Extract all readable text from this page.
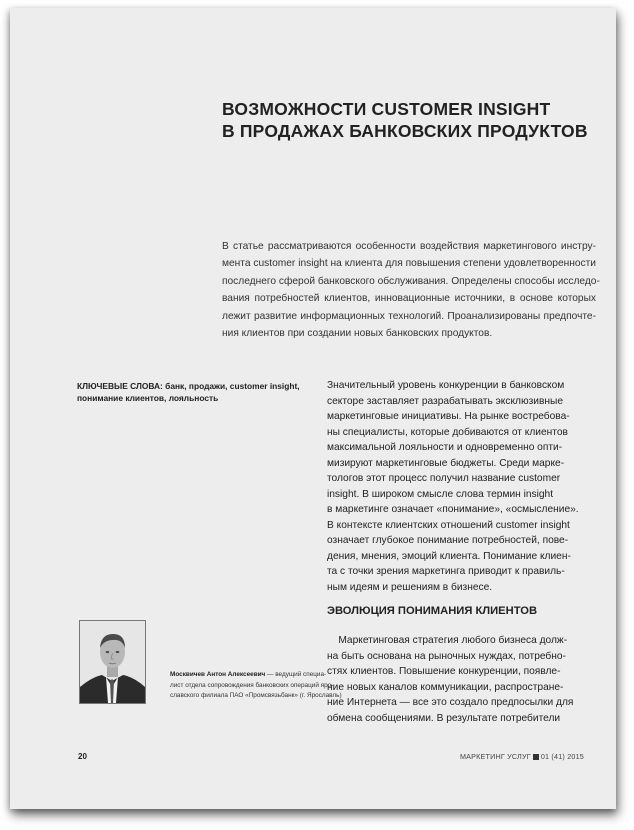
ВОЗМОЖНОСТИ CUSTOMER INSIGHT
В ПРОДАЖАХ БАНКОВСКИХ ПРОДУКТОВ
В статье рассматриваются особенности воздействия маркетингового инстру-
мента customer insight на клиента для повышения степени удовлетворенности
последнего сферой банковского обслуживания. Определены способы исследо-
вания потребностей клиентов, инновационные источники, в основе которых
лежит развитие информационных технологий. Проанализированы предпочте-
ния клиентов при создании новых банковских продуктов.
КЛЮЧЕВЫЕ СЛОВА: банк, продажи, customer insight,
понимание клиентов, лояльность
Значительный уровень конкуренции в банковском
секторе заставляет разрабатывать эксклюзивные
маркетинговые инициативы. На рынке востребова-
ны специалисты, которые добиваются от клиентов
максимальной лояльности и одновременно опти-
мизируют маркетинговые бюджеты. Среди марке-
тологов этот процесс получил название customer
insight. В широком смысле слова термин insight
в маркетинге означает «понимание», «осмысление».
В контексте клиентских отношений customer insight
означает глубокое понимание потребностей, пове-
дения, мнения, эмоций клиента. Понимание клиен-
та с точки зрения маркетинга приводит к правиль-
ным идеям и решениям в бизнесе.
ЭВОЛЮЦИЯ ПОНИМАНИЯ КЛИЕНТОВ
Маркетинговая стратегия любого бизнеса долж-
на быть основана на рыночных нуждах, потребно-
стях клиентов. Повышение конкуренции, появле-
ние новых каналов коммуникации, распростране-
ние Интернета — все это создало предпосылки для
обмена сообщениями. В результате потребители
Москвичев Антон Алексеевич — ведущий специа-
лист отдела сопровождения банковских операций яро-
славского филиала ПАО «Промсвязьбанк» (г. Ярославль)
20	МАРКЕТИНГ УСЛУГ 01 (41) 2015
